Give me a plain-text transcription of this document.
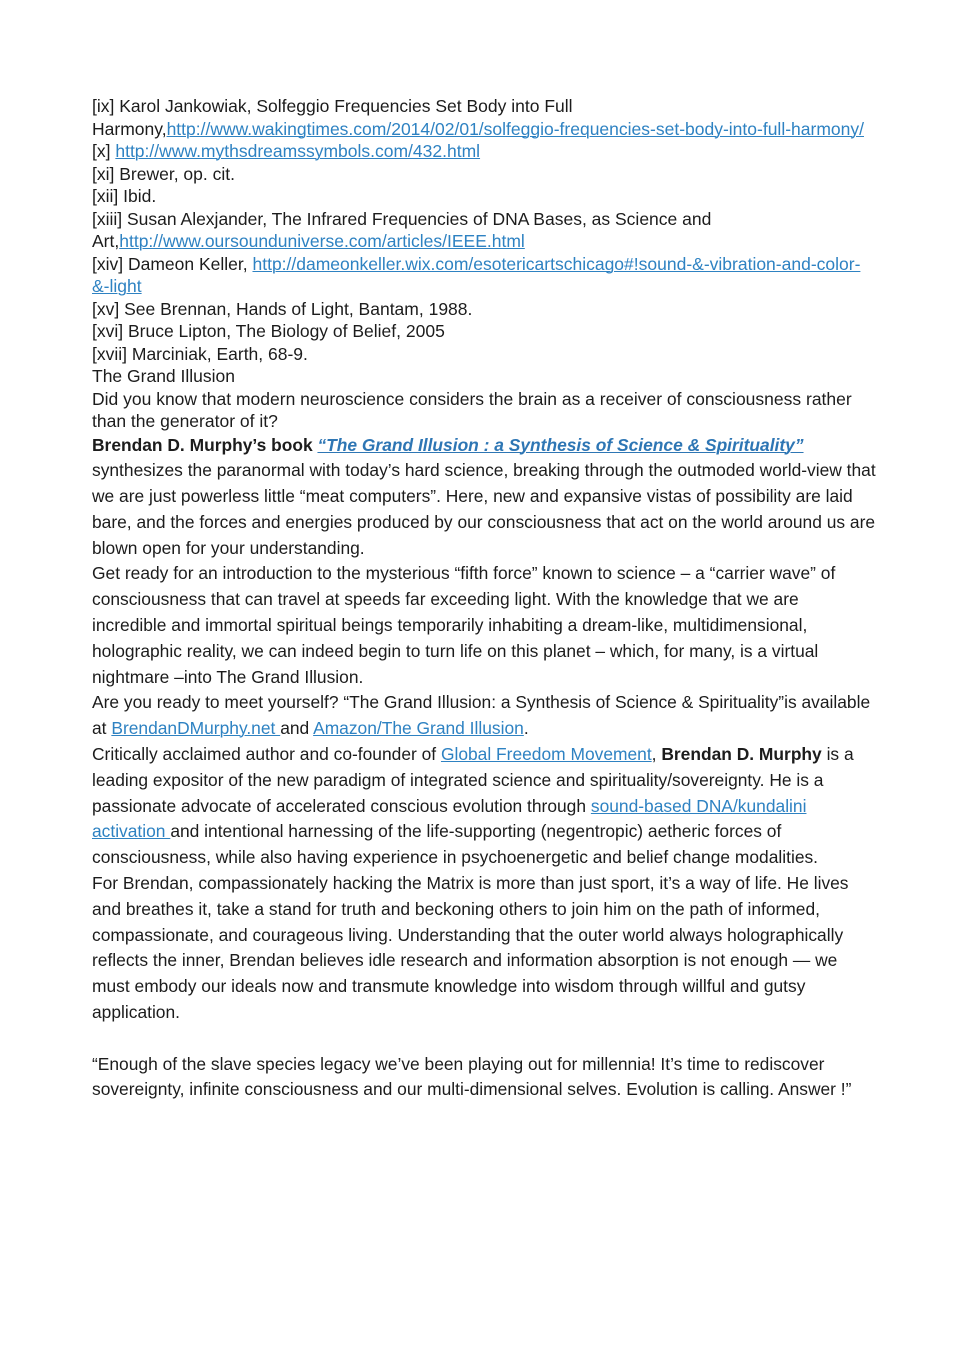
[ix] Karol Jankowiak, Solfeggio Frequencies Set Body into Full Harmony,http://www.wakingtimes.com/2014/02/01/solfeggio-frequencies-set-body-into-full-harmony/

[x] http://www.mythsdreamssymbols.com/432.html

[xi] Brewer, op. cit.

[xii] Ibid.

[xiii] Susan Alexjander, The Infrared Frequencies of DNA Bases, as Science and Art,http://www.oursounduniverse.com/articles/IEEE.html

[xiv] Dameon Keller, http://dameonkeller.wix.com/esotericartschicago#!sound-&-vibration-and-color-&-light

[xv] See Brennan, Hands of Light, Bantam, 1988.

[xvi] Bruce Lipton, The Biology of Belief, 2005

[xvii] Marciniak, Earth, 68-9.

The Grand Illusion

Did you know that modern neuroscience considers the brain as a receiver of consciousness rather than the generator of it?

Brendan D. Murphy’s book “The Grand Illusion : a Synthesis of Science & Spirituality” synthesizes the paranormal with today’s hard science, breaking through the outmoded world-view that we are just powerless little “meat computers”. Here, new and expansive vistas of possibility are laid bare, and the forces and energies produced by our consciousness that act on the world around us are blown open for your understanding.

Get ready for an introduction to the mysterious “fifth force” known to science – a “carrier wave” of consciousness that can travel at speeds far exceeding light. With the knowledge that we are incredible and immortal spiritual beings temporarily inhabiting a dream-like, multidimensional, holographic reality, we can indeed begin to turn life on this planet – which, for many, is a virtual nightmare –into The Grand Illusion.

Are you ready to meet yourself? “The Grand Illusion: a Synthesis of Science & Spirituality”is available at BrendanDMurphy.net and Amazon/The Grand Illusion.

Critically acclaimed author and co-founder of Global Freedom Movement, Brendan D. Murphy is a leading expositor of the new paradigm of integrated science and spirituality/sovereignty. He is a passionate advocate of accelerated conscious evolution through sound-based DNA/kundalini activation and intentional harnessing of the life-supporting (negentropic) aetheric forces of consciousness, while also having experience in psychoenergetic and belief change modalities.

For Brendan, compassionately hacking the Matrix is more than just sport, it’s a way of life. He lives and breathes it, take a stand for truth and beckoning others to join him on the path of informed, compassionate, and courageous living. Understanding that the outer world always holographically reflects the inner, Brendan believes idle research and information absorption is not enough — we must embody our ideals now and transmute knowledge into wisdom through willful and gutsy application.

“Enough of the slave species legacy we’ve been playing out for millennia! It’s time to rediscover sovereignty, infinite consciousness and our multi-dimensional selves. Evolution is calling. Answer !”
